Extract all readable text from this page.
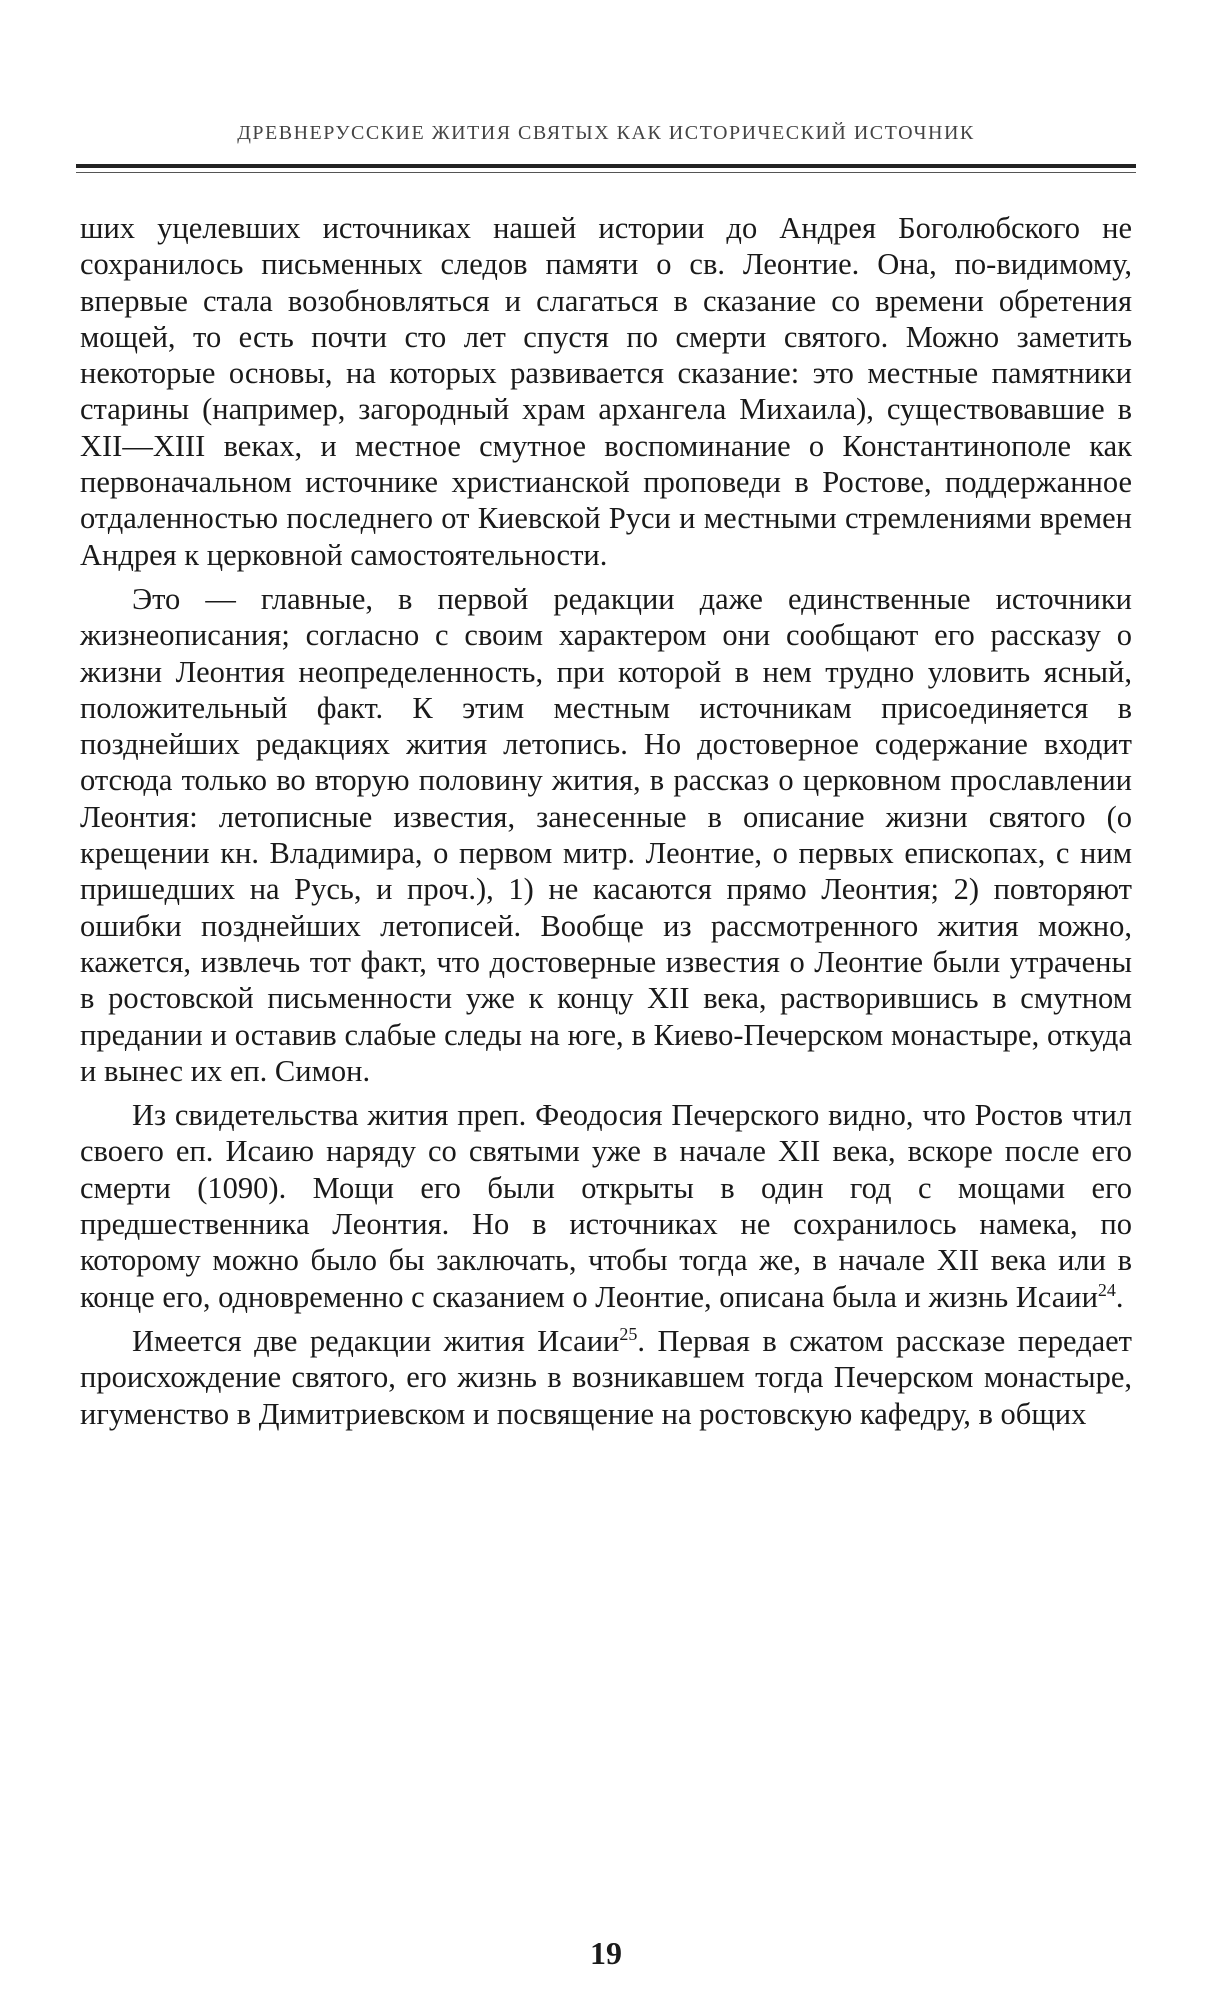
ДРЕВНЕРУССКИЕ ЖИТИЯ СВЯТЫХ КАК ИСТОРИЧЕСКИЙ ИСТОЧНИК

ших уцелевших источниках нашей истории до Андрея Боголюбского не сохранилось письменных следов памяти о св. Леонтие. Она, по-видимому, впервые стала возобновляться и слагаться в сказание со времени обретения мощей, то есть почти сто лет спустя по смерти святого. Можно заметить некоторые основы, на которых развивается сказание: это местные памятники старины (например, загородный храм архангела Михаила), существовавшие в XII—XIII веках, и местное смутное воспоминание о Константинополе как первоначальном источнике христианской проповеди в Ростове, поддержанное отдаленностью последнего от Киевской Руси и местными стремлениями времен Андрея к церковной самостоятельности.

Это — главные, в первой редакции даже единственные источники жизнеописания; согласно с своим характером они сообщают его рассказу о жизни Леонтия неопределенность, при которой в нем трудно уловить ясный, положительный факт. К этим местным источникам присоединяется в позднейших редакциях жития летопись. Но достоверное содержание входит отсюда только во вторую половину жития, в рассказ о церковном прославлении Леонтия: летописные известия, занесенные в описание жизни святого (о крещении кн. Владимира, о первом митр. Леонтие, о первых епископах, с ним пришедших на Русь, и проч.), 1) не касаются прямо Леонтия; 2) повторяют ошибки позднейших летописей. Вообще из рассмотренного жития можно, кажется, извлечь тот факт, что достоверные известия о Леонтие были утрачены в ростовской письменности уже к концу XII века, растворившись в смутном предании и оставив слабые следы на юге, в Киево-Печерском монастыре, откуда и вынес их еп. Симон.

Из свидетельства жития преп. Феодосия Печерского видно, что Ростов чтил своего еп. Исаию наряду со святыми уже в начале XII века, вскоре после его смерти (1090). Мощи его были открыты в один год с мощами его предшественника Леонтия. Но в источниках не сохранилось намека, по которому можно было бы заключать, чтобы тогда же, в начале XII века или в конце его, одновременно с сказанием о Леонтие, описана была и жизнь Исаии$^{24}$.

Имеется две редакции жития Исаии$^{25}$. Первая в сжатом рассказе передает происхождение святого, его жизнь в возникавшем тогда Печерском монастыре, игуменство в Димитриевском и посвящение на ростовскую кафедру, в общих

19
